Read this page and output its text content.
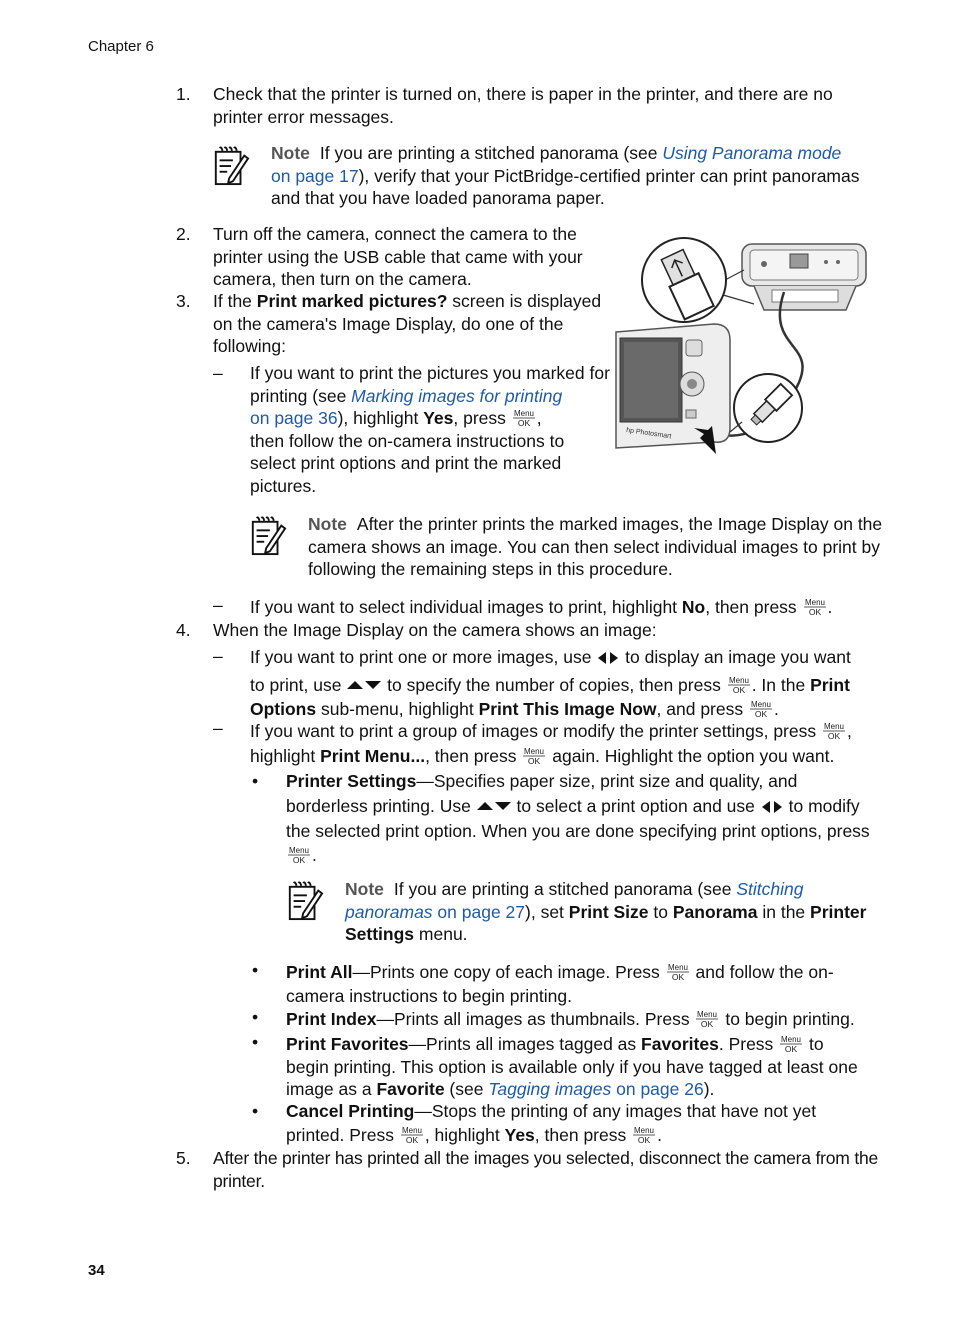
Chapter 6
34
1.	Check that the printer is turned on, there is paper in the printer, and there are no printer error messages.
Note If you are printing a stitched panorama (see Using Panorama mode
on page 17), verify that your PictBridge-certified printer can print panoramas and that you have loaded panorama paper.
2.	Turn off the camera, connect the camera to the printer using the USB cable that came with your camera, then turn on the camera.
3.	If the Print marked pictures? screen is displayed on the camera's Image Display, do one of the following:
–	If you want to print the pictures you marked for printing (see Marking images for printing
on page 36), highlight Yes, press
,
then follow the on-camera instructions to select print options and print the marked pictures.
hp Photosmart
Note After the printer prints the marked images, the Image Display on the camera shows an image. You can then select individual images to print by following the remaining steps in this procedure.
–	If you want to select individual images to print, highlight No, then press
.
4.	When the Image Display on the camera shows an image:
–	If you want to print one or more images, use  to display an image you want
to print, use  to specify the number of copies, then press
. In the Print
Options sub-menu, highlight Print This Image Now, and press
.
–	If you want to print a group of images or modify the printer settings, press
,
highlight Print Menu..., then press
again. Highlight the option you want.
•	Printer Settings—Specifies paper size, print size and quality, and
borderless printing. Use  to select a print option and use  to modify
the selected print option. When you are done specifying print options, press

.
Note If you are printing a stitched panorama (see Stitching
panoramas on page 27), set Print Size to Panorama in the Printer
Settings menu.
•	Print All—Prints one copy of each image. Press
and follow the on-
camera instructions to begin printing.
•	Print Index—Prints all images as thumbnails. Press
to begin printing.
•	Print Favorites—Prints all images tagged as Favorites. Press
to
begin printing. This option is available only if you have tagged at least one
image as a Favorite (see Tagging images on page 26).
•	Cancel Printing—Stops the printing of any images that have not yet
printed. Press
, highlight Yes, then press
.
5.	After the printer has printed all the images you selected, disconnect the camera from the printer.
